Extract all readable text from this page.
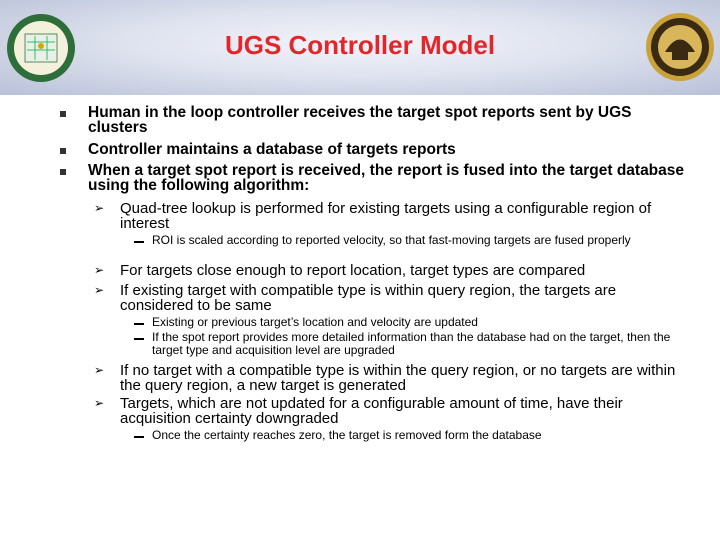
UGS Controller Model
Human in the loop controller receives the target spot reports sent by UGS clusters
Controller maintains a database of targets reports
When a target spot report is received, the report is fused into the target database using the following algorithm:
➢ Quad-tree lookup is performed for existing targets using a configurable region of interest
ROI is scaled according to reported velocity, so that fast-moving targets are fused properly
➢ For targets close enough to report location, target types are compared
➢ If existing target with compatible type is within query region, the targets are considered to be same
Existing or previous target’s location and velocity are updated
If the spot report provides more detailed information than the database had on the target, then the target type and acquisition level are upgraded
➢ If no target with a compatible type is within the query region, or no targets are within the query region, a new target is generated
➢ Targets, which are not updated for a configurable amount of time, have their acquisition certainty downgraded
Once the certainty reaches zero, the target is removed form the database
